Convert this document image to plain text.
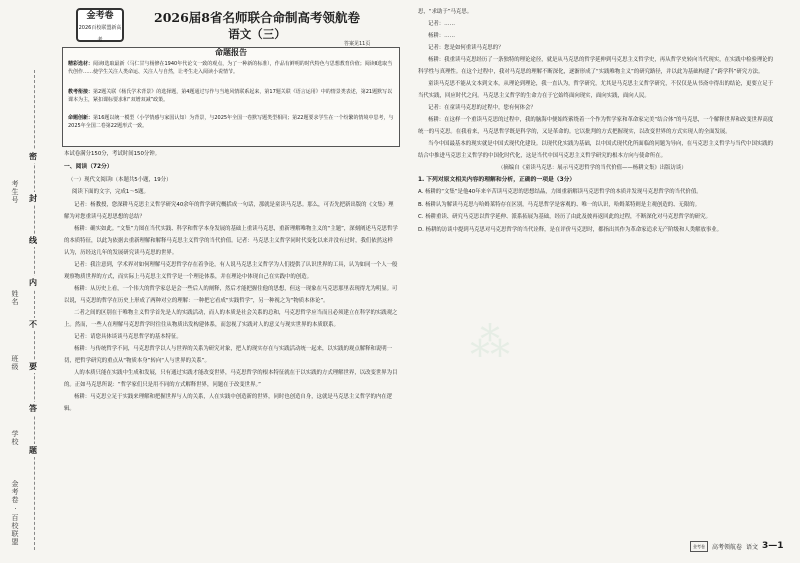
考生号
姓名
班级
学校
金考卷 · 百校联盟
密
封
线
内
不
要
答
题
金考卷
2026百校联盟新高考
2026届8省名师联合命制高考领航卷
语文（三）
答案见11页
命题报告
精彩选材：阅读Ⅰ选取最新（马仁甘与杨修在1940年代论文一致的观点，为了一种新的标准），作品有鲜明的时代特色与思想教育价值；阅读Ⅱ选取当代创作……使学生关注人类命运、关注人与自然，让考生走入阅读小说情节。
教考衔接：第2题关联《杨氏学术背景》的选择题，第4题通过写作与当地风情联系起来，第17题关联《语言运用》中的情景类表述，第21题默写以课本为主，紧扣课标要求和“双增双减”政策。
命题创新：第16题以统一模型（小学情感与家国认知）为背景，与2025年全国一卷默写题类型相同；第22题要求学生在一个纷繁的情境中思考，与2025年全国二卷第22题形式一致。
本试卷满分150分，考试时间150分钟。
一、阅读（72分）
（一）现代文阅读Ⅰ（本题共5小题，19分）
阅读下面的文字，完成1～5题。
记者：杨教授，您深耕马克思主义哲学研究40余年的哲学研究概括成一句话，那就是童读马克思。那么，可否先把新出版的《文集》理解为对您重读马克思思想的总结？
杨耕：确实如此。“文集”力图在当代实践、科学和哲学本身发展的基础上重读马克思，重新理解唯物主义的“主题”，深刻阐述马克思哲学的本质特征，以此为依据去重新理解和解释马克思主义哲学的当代价值。记者：马克思主义哲学同时代变化以来并没有过时，我们依然这样认为，历经这几年的发展研究读马克思的世界。
记者：我注意到，学术界对如何理解马克思哲学存在着争论，有人说马克思主义哲学为人们提供了认识世界的工具，认为如同一个人一般观察物质世界的方式，而实际上马克思主义哲学是一个理论体系，并在理论中体现自己在实践中的创造。
杨耕：从历史上看，一个伟大的哲学家总是会一些后人的阐释，然后才能把握住他的思想，但这一现象在马克思那里表现得尤为明显。可以说，马克思的哲学在历史上形成了两种对立的理解：一种把它看成“实践哲学”，另一种视之为“物质本体论”。
二者之间的区别在于唯物主义哲学首先是人的实践活动，而人的本质是社会关系的总和，马克思哲学应当而且必须建立在科学的实践观之上。然而，一些人在理解马克思哲学时往往从物质出发构建体系，而忽视了实践对人的意义与现实世界的本质联系。
记者：请您具体谈谈马克思哲学的基本特征。
杨耕：与传统哲学不同，马克思哲学以人与世界的关系为研究对象，把人的现实存在与实践活动统一起来，以实践的观点解释和说明一切，把哲学研究的重点从“物质本身”转向“人与世界的关系”。
人的本质只能在实践中生成和发展，只有通过实践才能改变世界，马克思哲学的根本特征就在于以实践的方式理解世界，以改变世界为目的。正如马克思所说：“哲学家们只是用不同的方式解释世界，问题在于改变世界。”
杨耕：马克思立足于实践来理解和把握世界与人的关系，人在实践中创造新的世界，同时也创造自身，这就是马克思主义哲学的内在逻辑。
思，“求助于”马克思。
记者：……
杨耕：……
记者：您是如何重读马克思的？
杨耕：我重读马克思经历了一条独特的理论途径，就是从马克思的哲学延伸到马克思主义哲学史，再从哲学史转向当代现实，在实践中检验理论的科学性与真理性。在这个过程中，我对马克思的理解不断深化，逐渐形成了“实践唯物主义”的研究路径，并以此为基础构建了“跨学科”研究方法。
童读马克思不能从文本到文本，从理论到理论，我一直认为，哲学研究，尤其是马克思主义哲学研究，不仅仅是从书斋中得出的结论，更要立足于当代实践，回应时代之问。马克思主义哲学的生命力在于它始终面向现实，面向实践，面向人民。
记者：在童读马克思的过程中，您有何体会？
杨耕：在这样一个重读马克思的过程中，我的脑海中便始终萦绕着一个作为哲学家和革命家完美“结合体”的马克思，一个解释世界和改变世界高度统一的马克思。在我看来，马克思哲学既是科学的，又是革命的。它以批判的方式把握现实，以改变世界的方式实现人的全面发展。
当今中国最基本的现实就是中国式现代化建设。以现代化实践为基础，以中国式现代化所面临的问题为导向，在马克思主义哲学与当代中国实践的结合中推进马克思主义哲学的中国化时代化，这是当代中国马克思主义哲学研究的根本方向与使命所在。
（摘编自《童读马克思：展示马克思哲学的当代价值——杨耕文集》出版访谈）
1. 下列对原文相关内容的理解和分析，正确的一项是（3分）
A. 杨耕的“文集”是他40年来辛苦读马克思的思想结晶，力图重新解读马克思哲学的本质并发现马克思哲学的当代价值。
B. 杨耕认为解读马克思与哈姆莱特存在区别，马克思哲学是客观的、唯一的认识，哈姆莱特则是主观创造的、无限的。
C. 杨耕重读、研究马克思以哲学延伸、派系拓展为基础，经历了由此及彼再返回此的过程，不断深化对马克思哲学的研究。
D. 杨耕的访谈中提到马克思对马克思哲学的当代诠释，是在评价马克思时，都指出其作为革命家追求无产阶级和人类解放事业。
⁂
金考卷	高考领航卷 语文 3—1
